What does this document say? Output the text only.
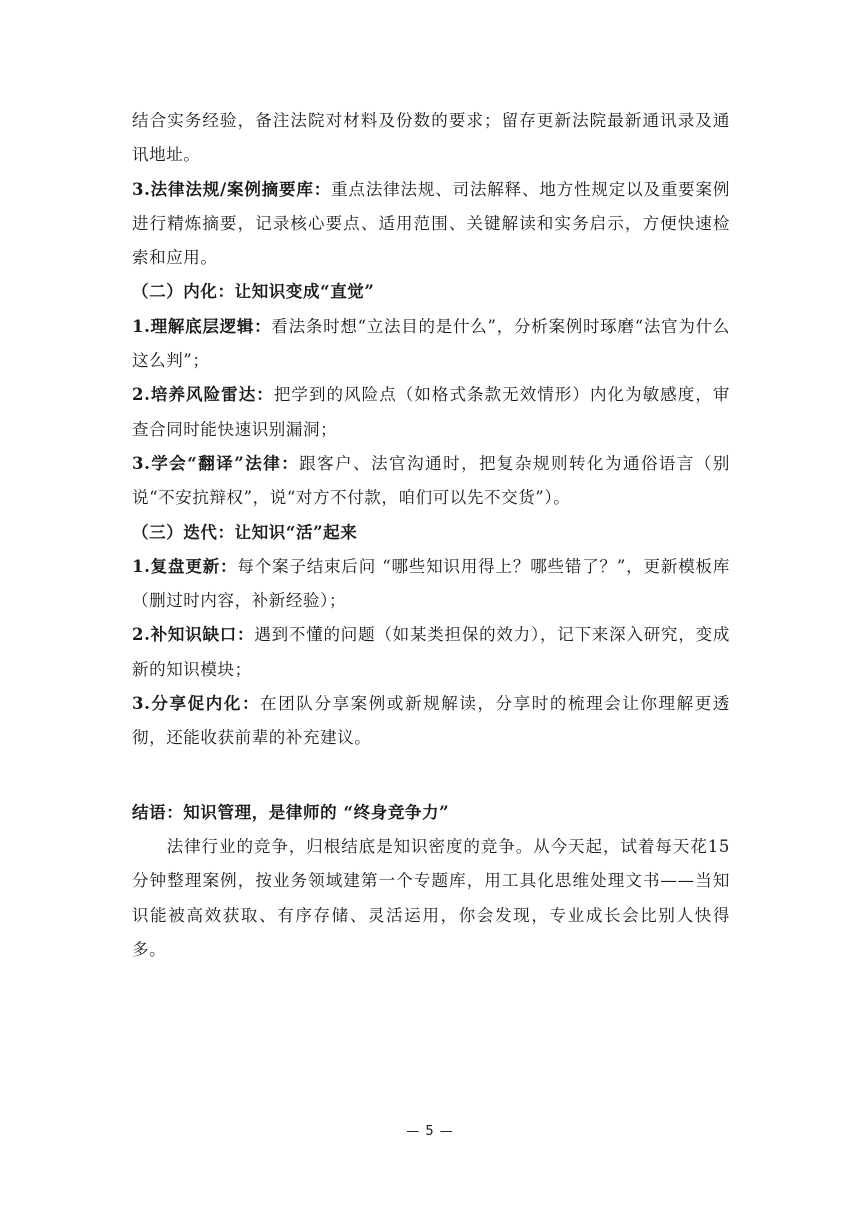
结合实务经验，备注法院对材料及份数的要求；留存更新法院最新通讯录及通讯地址。

3.法律法规/案例摘要库：重点法律法规、司法解释、地方性规定以及重要案例进行精炼摘要，记录核心要点、适用范围、关键解读和实务启示，方便快速检索和应用。

（二）内化：让知识变成“直觉”

1.理解底层逻辑：看法条时想“立法目的是什么”，分析案例时琢磨“法官为什么这么判”；

2.培养风险雷达：把学到的风险点（如格式条款无效情形）内化为敏感度，审查合同时能快速识别漏洞；

3.学会“翻译”法律：跟客户、法官沟通时，把复杂规则转化为通俗语言（别说“不安抗辩权”，说“对方不付款，咱们可以先不交货”）。

（三）迭代：让知识“活”起来

1.复盘更新：每个案子结束后问 “哪些知识用得上？哪些错了？”，更新模板库（删过时内容，补新经验）；

2.补知识缺口：遇到不懂的问题（如某类担保的效力），记下来深入研究，变成新的知识模块；

3.分享促内化：在团队分享案例或新规解读，分享时的梳理会让你理解更透彻，还能收获前辈的补充建议。

结语：知识管理，是律师的 “终身竞争力”

法律行业的竞争，归根结底是知识密度的竞争。从今天起，试着每天花15分钟整理案例，按业务领域建第一个专题库，用工具化思维处理文书——当知识能被高效获取、有序存储、灵活运用，你会发现，专业成长会比别人快得多。

— 5 —
